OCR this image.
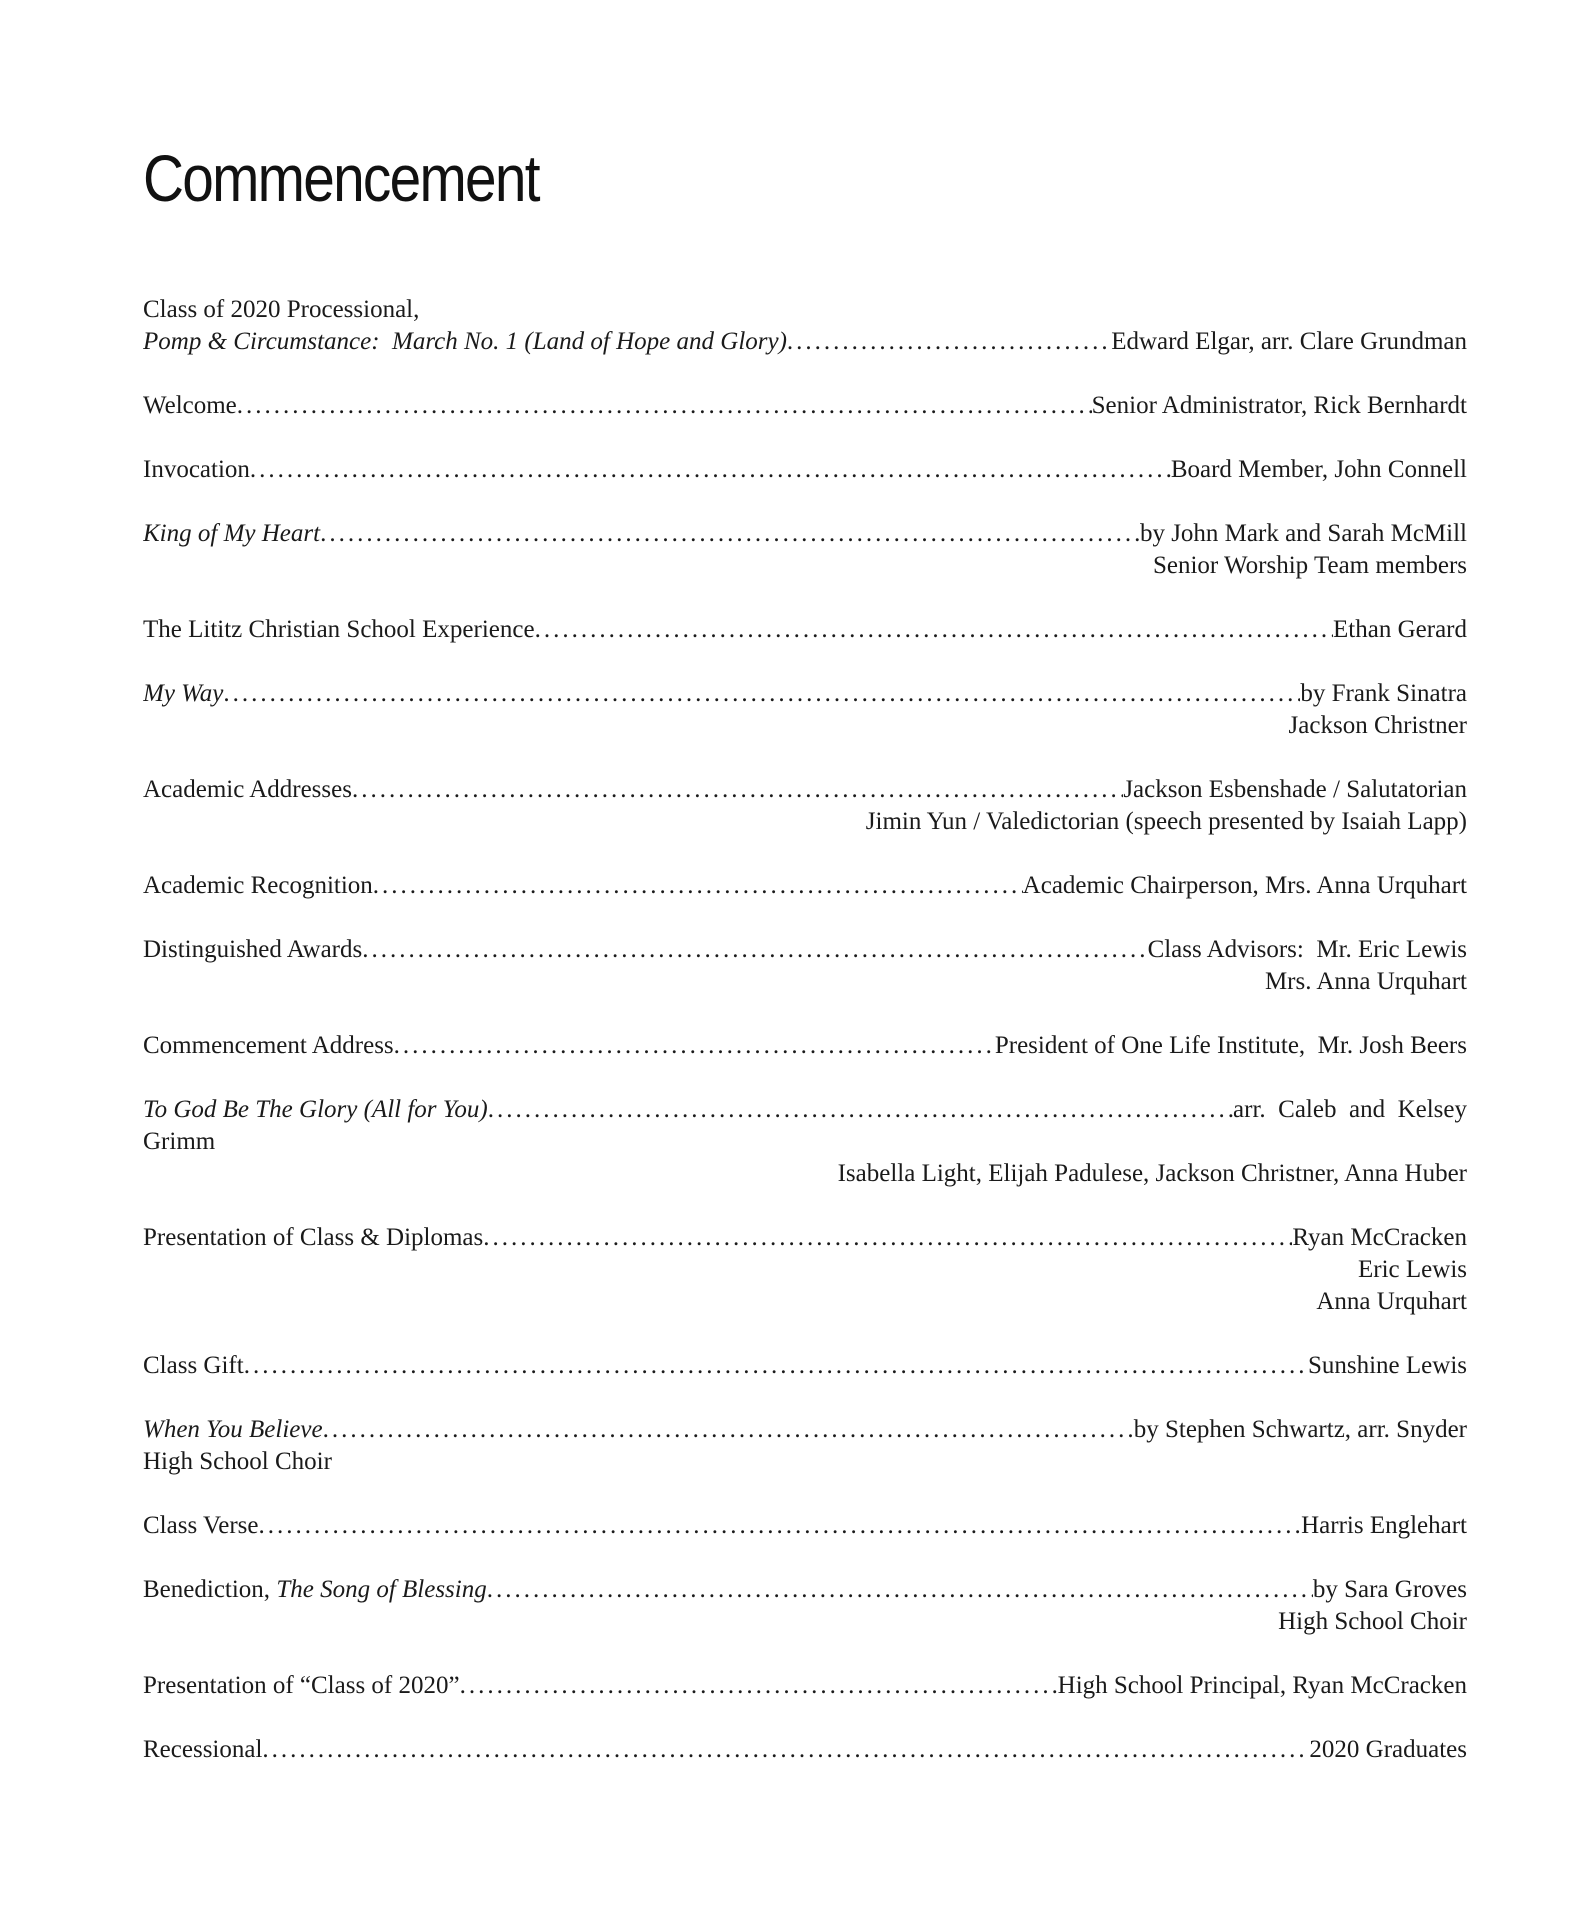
Commencement
Class of 2020 Processional,
Pomp & Circumstance:  March No. 1 (Land of Hope and Glory) .....	Edward Elgar, arr. Clare Grundman
Welcome .....	Senior Administrator, Rick Bernhardt
Invocation .....	Board Member, John Connell
King of My Heart .....	by John Mark and Sarah McMill
Senior Worship Team members
The Lititz Christian School Experience .....	Ethan Gerard
My Way .....	by Frank Sinatra
Jackson Christner
Academic Addresses .....	Jackson Esbenshade / Salutatorian
Jimin Yun / Valedictorian (speech presented by Isaiah Lapp)
Academic Recognition .....	Academic Chairperson, Mrs. Anna Urquhart
Distinguished Awards .....	Class Advisors:  Mr. Eric Lewis
Mrs. Anna Urquhart
Commencement Address .....	President of One Life Institute,  Mr. Josh Beers
To God Be The Glory (All for You) .....	arr.  Caleb  and  Kelsey
Grimm
Isabella Light, Elijah Padulese, Jackson Christner, Anna Huber
Presentation of Class & Diplomas .....	Ryan McCracken
Eric Lewis
Anna Urquhart
Class Gift .....	Sunshine Lewis
When You Believe .....	by Stephen Schwartz, arr. Snyder
High School Choir
Class Verse .....	Harris Englehart
Benediction, The Song of Blessing .....	by Sara Groves
High School Choir
Presentation of “Class of 2020” .....	High School Principal, Ryan McCracken
Recessional .....	2020 Graduates
